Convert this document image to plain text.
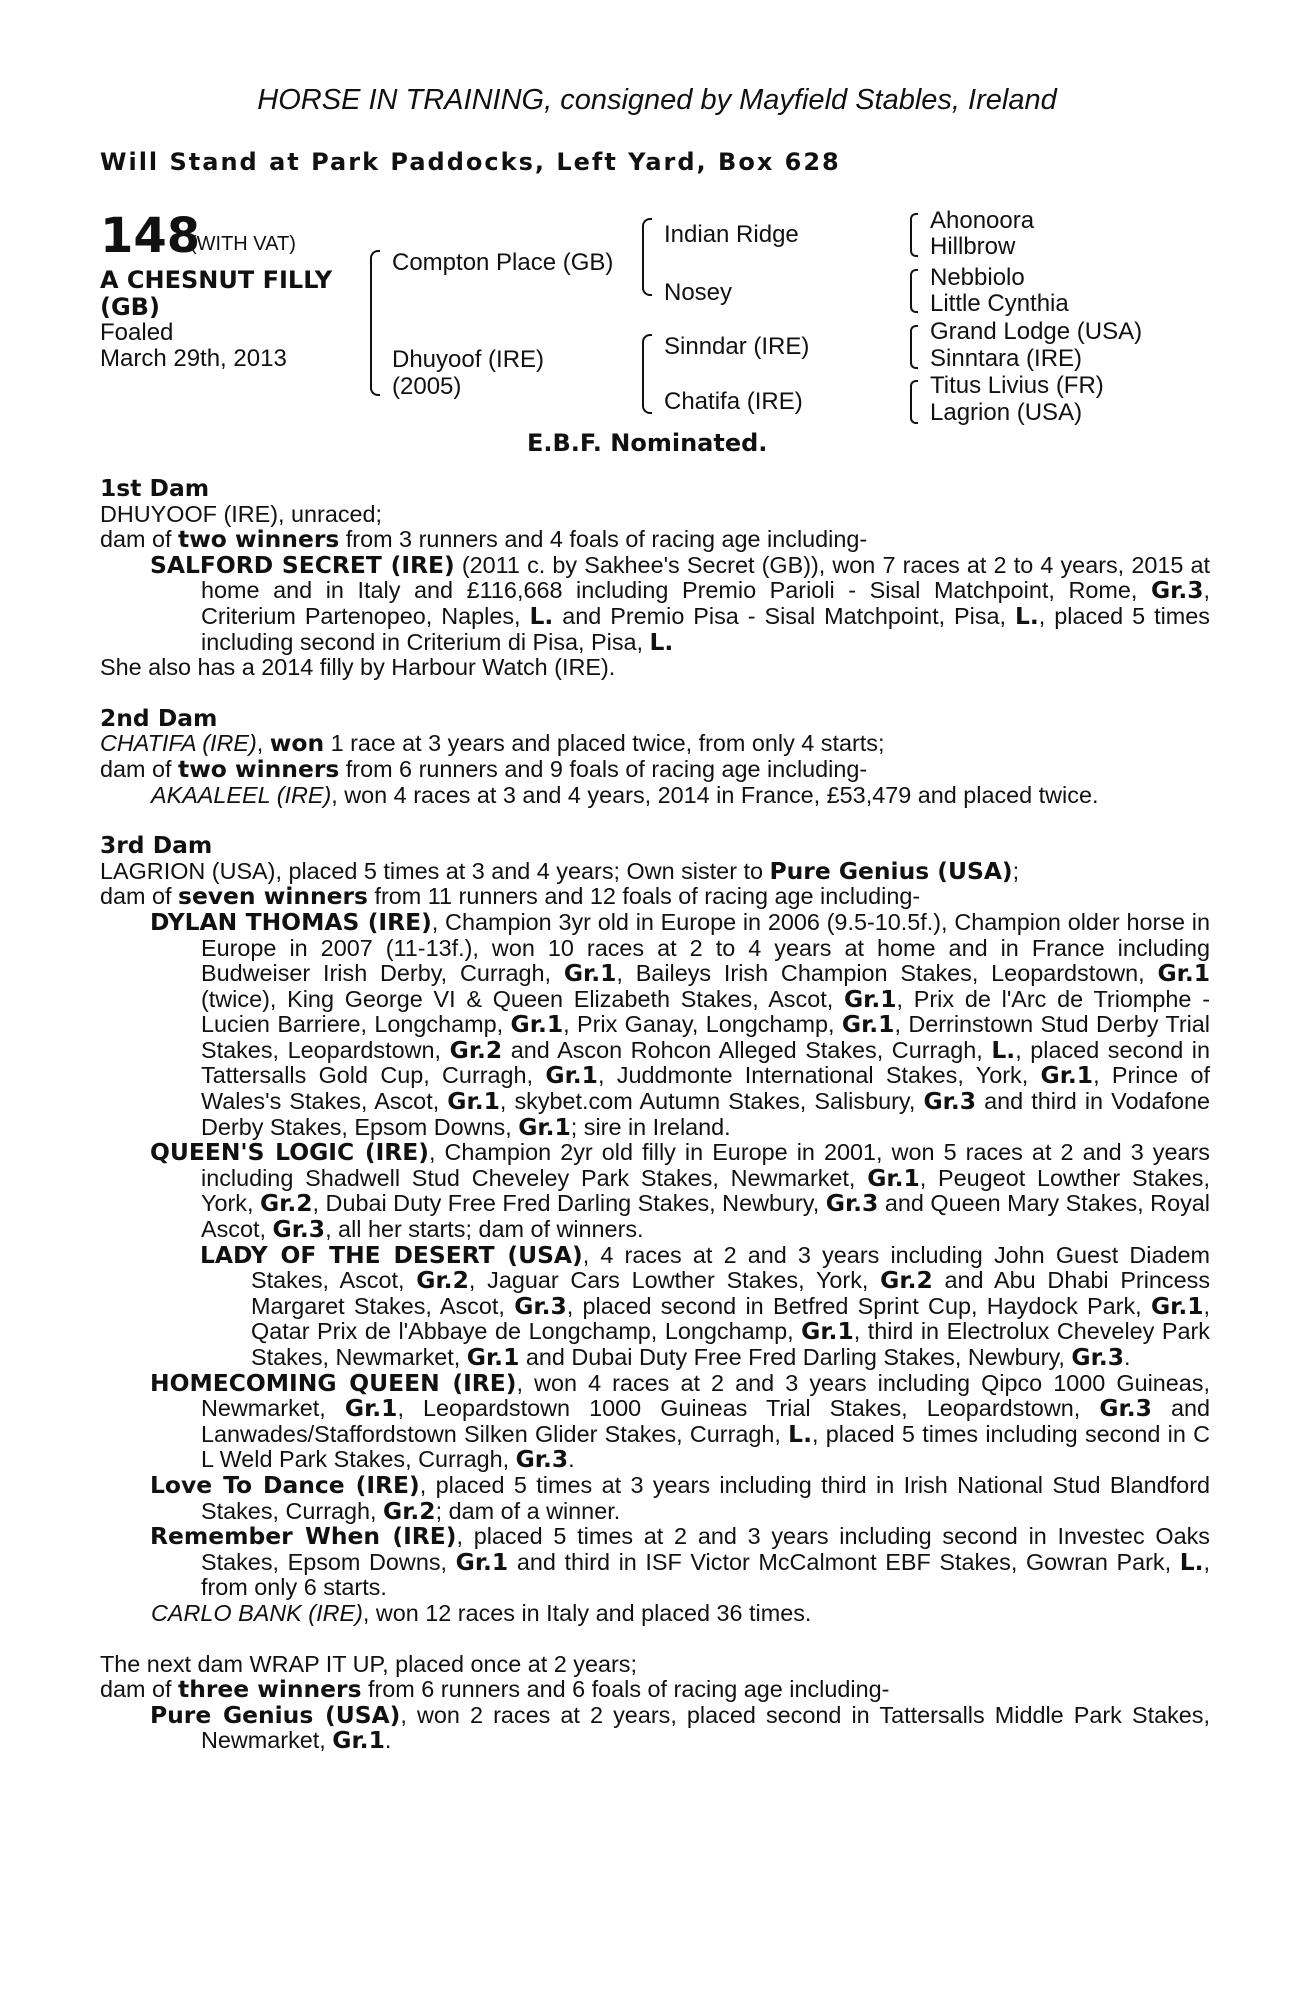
HORSE IN TRAINING, consigned by Mayfield Stables, Ireland
Will Stand at Park Paddocks, Left Yard, Box 628
148
(WITH VAT)
A CHESNUT FILLY
(GB)
Foaled
March 29th, 2013
Compton Place (GB)
Dhuyoof (IRE)
(2005)
Indian Ridge
Nosey
Sinndar (IRE)
Chatifa (IRE)
Ahonoora
Hillbrow
Nebbiolo
Little Cynthia
Grand Lodge (USA)
Sinntara (IRE)
Titus Livius (FR)
Lagrion (USA)
E.B.F. Nominated.
1st Dam

DHUYOOF (IRE), unraced;

dam of two winners from 3 runners and 4 foals of racing age including-

SALFORD SECRET (IRE) (2011 c. by Sakhee's Secret (GB)), won 7 races at 2 to 4 years, 2015 at home and in Italy and £116,668 including Premio Parioli - Sisal Matchpoint, Rome, Gr.3, Criterium Partenopeo, Naples, L. and Premio Pisa - Sisal Matchpoint, Pisa, L., placed 5 times including second in Criterium di Pisa, Pisa, L.

She also has a 2014 filly by Harbour Watch (IRE).

2nd Dam

CHATIFA (IRE), won 1 race at 3 years and placed twice, from only 4 starts;

dam of two winners from 6 runners and 9 foals of racing age including-

AKAALEEL (IRE), won 4 races at 3 and 4 years, 2014 in France, £53,479 and placed twice.

3rd Dam

LAGRION (USA), placed 5 times at 3 and 4 years; Own sister to Pure Genius (USA);

dam of seven winners from 11 runners and 12 foals of racing age including-

DYLAN THOMAS (IRE), Champion 3yr old in Europe in 2006 (9.5-10.5f.), Champion older horse in Europe in 2007 (11-13f.), won 10 races at 2 to 4 years at home and in France including Budweiser Irish Derby, Curragh, Gr.1, Baileys Irish Champion Stakes, Leopardstown, Gr.1 (twice), King George VI & Queen Elizabeth Stakes, Ascot, Gr.1, Prix de l'Arc de Triomphe - Lucien Barriere, Longchamp, Gr.1, Prix Ganay, Longchamp, Gr.1, Derrinstown Stud Derby Trial Stakes, Leopardstown, Gr.2 and Ascon Rohcon Alleged Stakes, Curragh, L., placed second in Tattersalls Gold Cup, Curragh, Gr.1, Juddmonte International Stakes, York, Gr.1, Prince of Wales's Stakes, Ascot, Gr.1, skybet.com Autumn Stakes, Salisbury, Gr.3 and third in Vodafone Derby Stakes, Epsom Downs, Gr.1; sire in Ireland.

QUEEN'S LOGIC (IRE), Champion 2yr old filly in Europe in 2001, won 5 races at 2 and 3 years including Shadwell Stud Cheveley Park Stakes, Newmarket, Gr.1, Peugeot Lowther Stakes, York, Gr.2, Dubai Duty Free Fred Darling Stakes, Newbury, Gr.3 and Queen Mary Stakes, Royal Ascot, Gr.3, all her starts; dam of winners.

LADY OF THE DESERT (USA), 4 races at 2 and 3 years including John Guest Diadem Stakes, Ascot, Gr.2, Jaguar Cars Lowther Stakes, York, Gr.2 and Abu Dhabi Princess Margaret Stakes, Ascot, Gr.3, placed second in Betfred Sprint Cup, Haydock Park, Gr.1, Qatar Prix de l'Abbaye de Longchamp, Longchamp, Gr.1, third in Electrolux Cheveley Park Stakes, Newmarket, Gr.1 and Dubai Duty Free Fred Darling Stakes, Newbury, Gr.3.

HOMECOMING QUEEN (IRE), won 4 races at 2 and 3 years including Qipco 1000 Guineas, Newmarket, Gr.1, Leopardstown 1000 Guineas Trial Stakes, Leopardstown, Gr.3 and Lanwades/Staffordstown Silken Glider Stakes, Curragh, L., placed 5 times including second in C L Weld Park Stakes, Curragh, Gr.3.

Love To Dance (IRE), placed 5 times at 3 years including third in Irish National Stud Blandford Stakes, Curragh, Gr.2; dam of a winner.

Remember When (IRE), placed 5 times at 2 and 3 years including second in Investec Oaks Stakes, Epsom Downs, Gr.1 and third in ISF Victor McCalmont EBF Stakes, Gowran Park, L., from only 6 starts.

CARLO BANK (IRE), won 12 races in Italy and placed 36 times.

The next dam WRAP IT UP, placed once at 2 years;

dam of three winners from 6 runners and 6 foals of racing age including-

Pure Genius (USA), won 2 races at 2 years, placed second in Tattersalls Middle Park Stakes, Newmarket, Gr.1.
